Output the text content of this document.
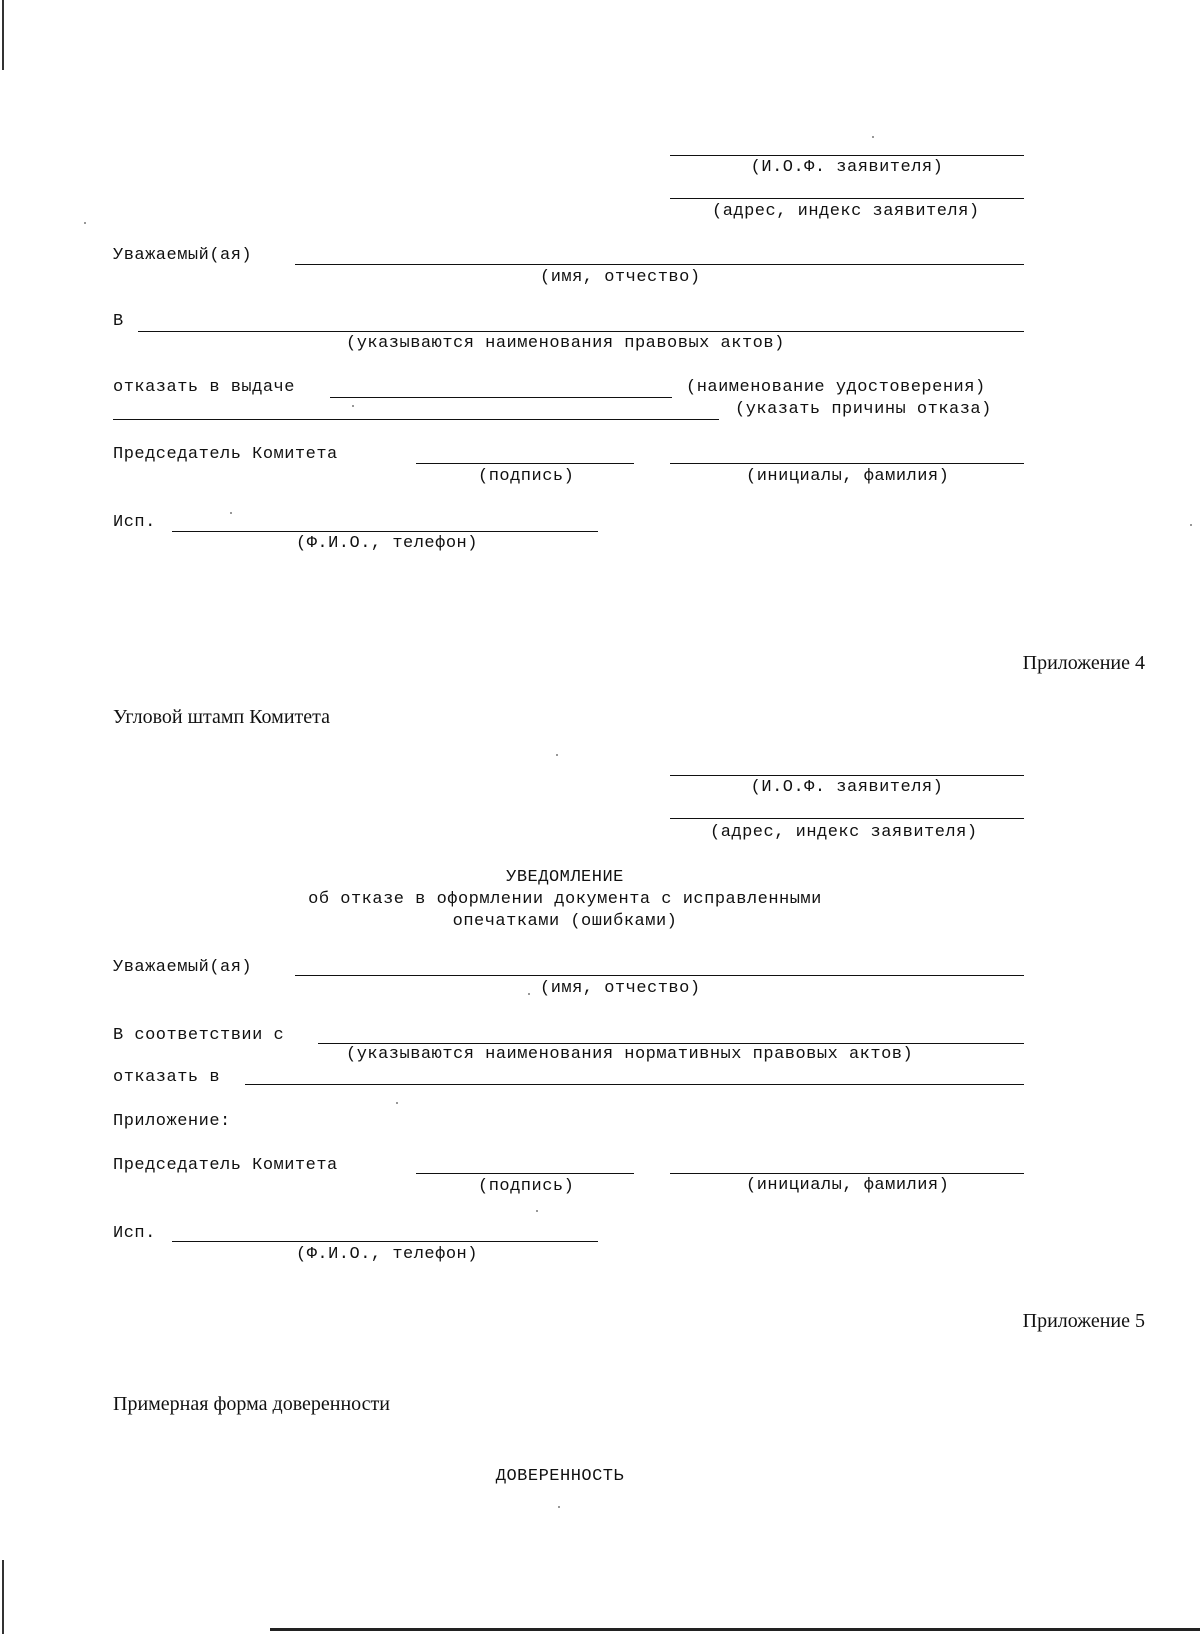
(И.О.Ф. заявителя)
(адрес, индекс заявителя)
Уважаемый(ая)
(имя, отчество)
В
(указываются наименования правовых актов)
отказать в выдаче	(наименование удостоверения)
(указать причины отказа)
Председатель Комитета
(подпись)	(инициалы, фамилия)
Исп.
(Ф.И.О., телефон)
Приложение 4
Угловой штамп Комитета
(И.О.Ф. заявителя)
(адрес, индекс заявителя)
УВЕДОМЛЕНИЕ
об отказе в оформлении документа с исправленными
опечатками (ошибками)
Уважаемый(ая)
(имя, отчество)
В соответствии с
(указываются наименования нормативных правовых актов)
отказать в
Приложение:
Председатель Комитета
(подпись)	(инициалы, фамилия)
Исп.
(Ф.И.О., телефон)
Приложение 5
Примерная форма доверенности
ДОВЕРЕННОСТЬ
